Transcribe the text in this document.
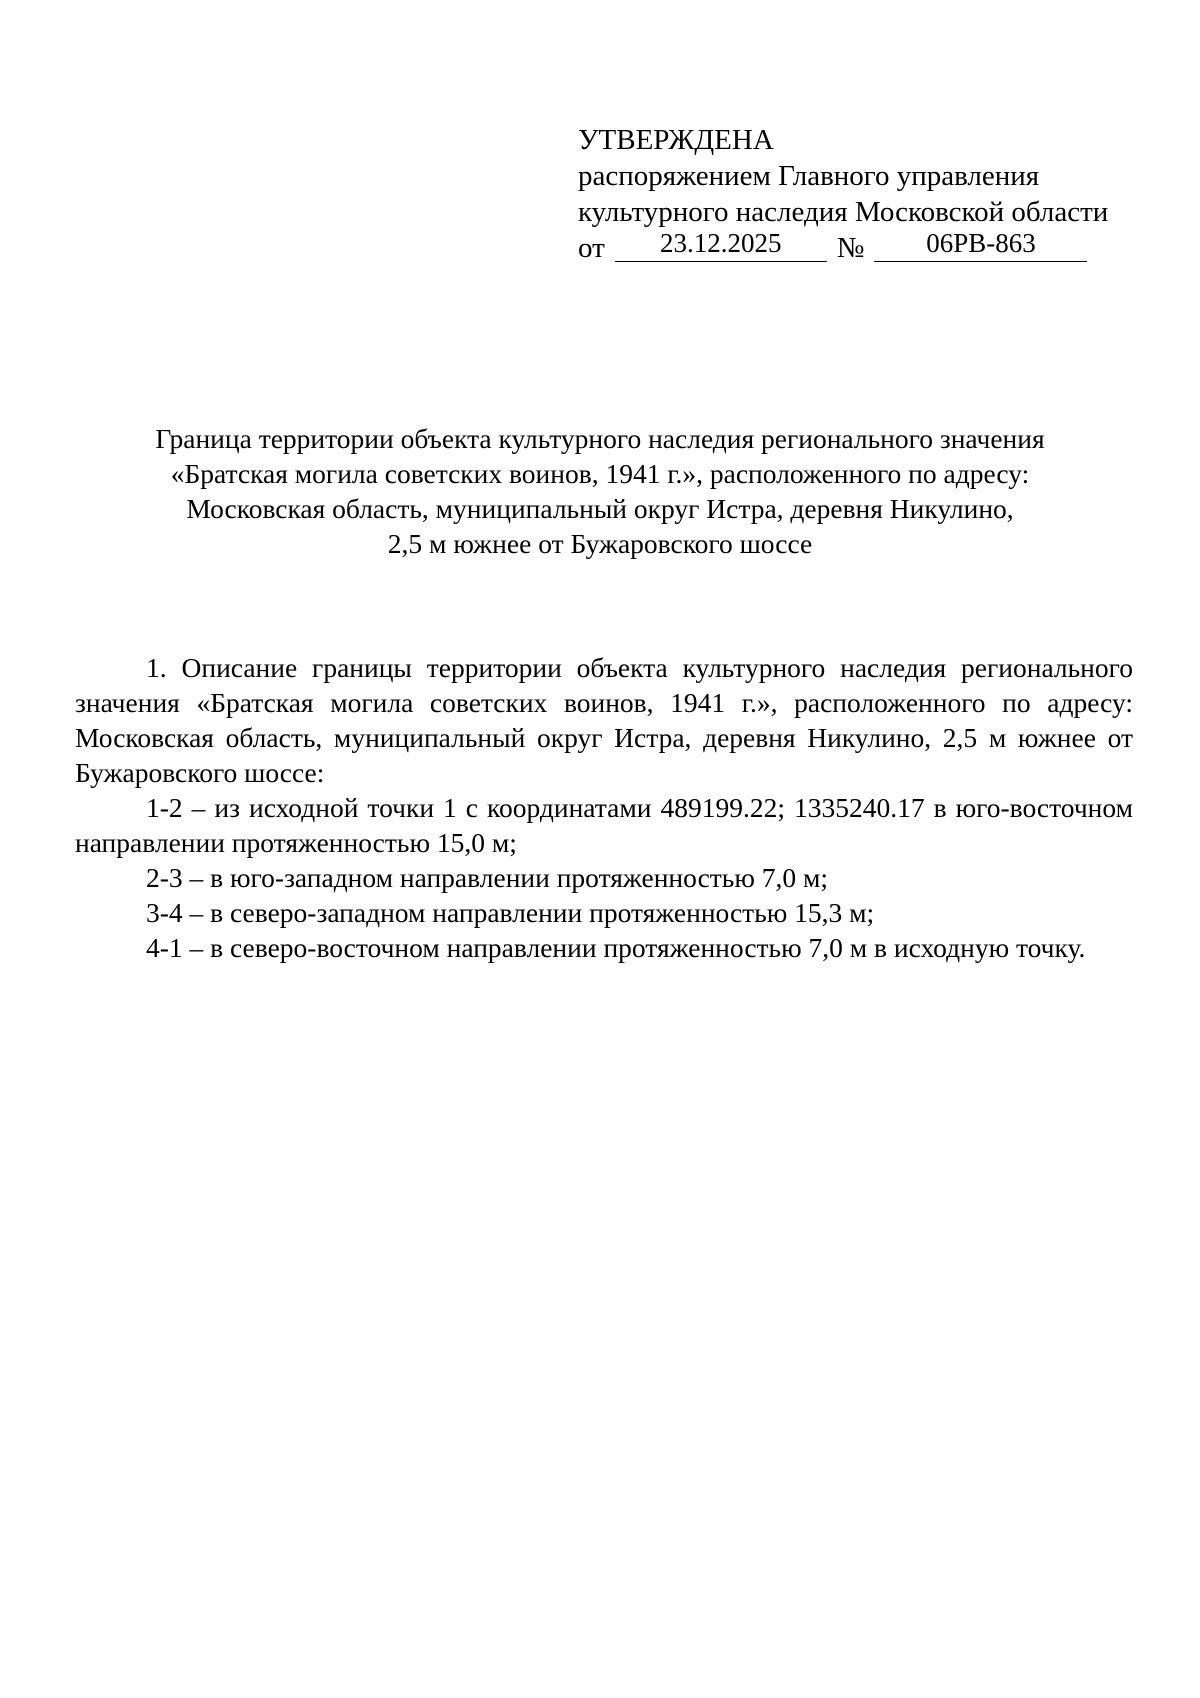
УТВЕРЖДЕНА
распоряжением Главного управления
культурного наследия Московской области
от	23.12.2025	№	06РВ-863
Граница территории объекта культурного наследия регионального значения
«Братская могила советских воинов, 1941 г.», расположенного по адресу:
Московская область, муниципальный округ Истра, деревня Никулино,
2,5 м южнее от Бужаровского шоссе

1. Описание границы территории объекта культурного наследия регионального значения «Братская могила советских воинов, 1941 г.», расположенного по адресу: Московская область, муниципальный округ Истра, деревня Никулино, 2,5 м южнее от Бужаровского шоссе:

1-2 – из исходной точки 1 с координатами 489199.22; 1335240.17 в юго-восточном направлении протяженностью 15,0 м;

2-3 – в юго-западном направлении протяженностью 7,0 м;

3-4 – в северо-западном направлении протяженностью 15,3 м;

4-1 – в северо-восточном направлении протяженностью 7,0 м в исходную точку.
